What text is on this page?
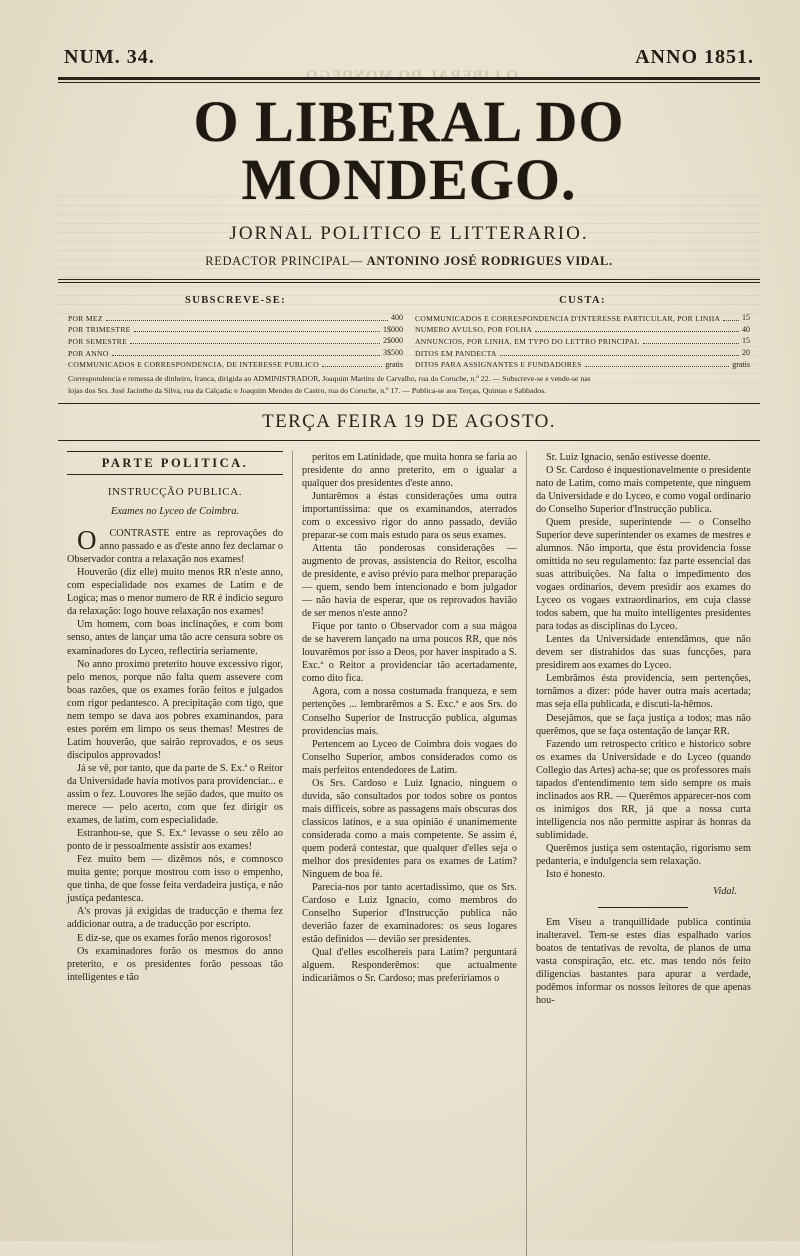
O LIBERAL DO MONDEGO.
NUM. 34.	ANNO 1851.
O LIBERAL DO MONDEGO.
JORNAL POLITICO E LITTERARIO.
REDACTOR PRINCIPAL— ANTONINO JOSÉ RODRIGUES VIDAL.
SUBSCREVE-SE:
POR MEZ	400
POR TRIMESTRE	1$000
POR SEMESTRE	2$000
POR ANNO	3$500
COMMUNICADOS E CORRESPONDENCIA, DE INTERESSE PUBLICO	gratis
CUSTA:
COMMUNICADOS E CORRESPONDENCIA D'INTERESSE PARTICULAR, POR LINHA	15
NUMERO AVULSO, POR FOLHA	40
ANNUNCIOS, POR LINHA, EM TYPO DO LETTRO PRINCIPAL	15
DITOS EM PANDECTA	20
DITOS PARA ASSIGNANTES E FUNDADORES	gratis
Correspondencia e remessa de dinheiro, franca, dirigida ao ADMINISTRADOR, Joaquim Martins de Carvalho, rua do Coruche, n.º 22. — Subscreve-se e vende-se nas
lojas dos Srs. José Jacintho da Silva, rua da Calçada; e Joaquim Mendes de Castro, rua do Coruche, n.º 17. — Publica-se aos Terças, Quintas e Sabbados.
TERÇA FEIRA 19 DE AGOSTO.
PARTE POLITICA.
INSTRUCÇÃO PUBLICA.
Exames no Lyceo de Coimbra.

OCONTRASTE entre as reprovações do anno passado e as d'este anno fez declamar o Observador contra a relaxação nos exames!

Houverão (diz elle) muito menos RR n'este anno, com especialidade nos exames de Latim e de Logica; mas o menor numero de RR é indicio seguro da relaxação: logo houve relaxação nos exames!

Um homem, com boas inclinações, e com bom senso, antes de lançar uma tão acre censura sobre os examinadores do Lyceo, reflectiria seriamente.

No anno proximo preterito houve excessivo rigor, pelo menos, porque não falta quem assevere com boas razões, que os exames forão feitos e julgados com rigor pedantesco. A precipitação com tigo, que nem tempo se dava aos pobres examinandos, para estes porém em limpo os seus themas! Mestres de Latim houverão, que sairão reprovados, e os seus discipulos approvados!

Já se vê, por tanto, que da parte de S. Ex.ª o Reitor da Universidade havia motivos para providenciar... e assim o fez. Louvores lhe sejão dados, que muito os merece — pelo acerto, com que fez dirigir os exames, de latim, com especialidade.

Estranhou-se, que S. Ex.ª levasse o seu zêlo ao ponto de ir pessoalmente assistir aos exames!

Fez muito bem — dizêmos nós, e comnosco muita gente; porque mostrou com isso o empenho, que tinha, de que fosse feita verdadeira justiça, e não justiça pedantesca.

A's provas já exigidas de traducção e thema fez addicionar outra, a de traducção por escripto.

E diz-se, que os exames forão menos rigorosos!

Os examinadores forão os mesmos do anno preterito, e os presidentes forão pessoas tão intelligentes e tão

peritos em Latinidade, que muita honra se faria ao presidente do anno preterito, em o igualar a qualquer dos presidentes d'este anno.

Juntarêmos a éstas considerações uma outra importantissima: que os examinandos, aterrados com o excessivo rigor do anno passado, devião preparar-se com mais estudo para os seus exames.

Attenta tão ponderosas considerações — augmento de provas, assistencia do Reitor, escolha de presidente, e aviso prévio para melhor preparação — quem, sendo bem intencionado e bom julgador — não havia de esperar, que os reprovados havião de ser menos n'este anno?

Fique por tanto o Observador com a sua mágoa de se haverem lançado na urna poucos RR, que nós louvarêmos por isso a Deos, por haver inspirado a S. Exc.ª o Reitor a providenciar tão acertadamente, como dito fica.

Agora, com a nossa costumada franqueza, e sem pertenções ... lembrarêmos a S. Exc.ª e aos Srs. do Conselho Superior de Instrucção publica, algumas providencias mais.

Pertencem ao Lyceo de Coimbra dois vogaes do Conselho Superior, ambos considerados como os mais perfeitos entendedores de Latim.

Os Srs. Cardoso e Luiz Ignacio, ninguem o duvida, são consultados por todos sobre os pontos mais difficeis, sobre as passagens mais obscuras dos classicos latinos, e a sua opinião é unanimemente considerada como a mais competente. Se assim é, quem poderá contestar, que qualquer d'elles seja o melhor dos presidentes para os exames de Latim? Ninguem de boa fé.

Parecia-nos por tanto acertadissimo, que os Srs. Cardoso e Luiz Ignacio, como membros do Conselho Superior d'Instrucção publica não deverião fazer de examinadores: os seus logares estão definidos — devião ser presidentes.

Qual d'elles escolhereis para Latim? perguntará alguem. Responderêmos: que actualmente indicariâmos o Sr. Cardoso; mas prefeririamos o

Sr. Luiz Ignacio, senão estivesse doente.

O Sr. Cardoso é inquestionavelmente o presidente nato de Latim, como mais competente, que ninguem da Universidade e do Lyceo, e como vogal ordinario do Conselho Superior d'Instrucção publica.

Quem preside, superintende — o Conselho Superior deve superintender os exames de mestres e alumnos. Não importa, que ésta providencia fosse omittida no seu regulamento: faz parte essencial das suas attribuições. Na falta o impedimento dos vogaes ordinarios, devem presidir aos exames do Lyceo os vogaes extraordinarios, em cuja classe todos sabem, que ha muito intelligentes presidentes para todas as disciplinas do Lyceo.

Lentes da Universidade entendâmos, que não devem ser distrahidos das suas funcções, para presidirem aos exames do Lyceo.

Lembrâmos ésta providencia, sem pertenções, tornâmos a dizer: póde haver outra mais acertada; mas seja ella publicada, e discuti-la-hêmos.

Desejâmos, que se faça justiça a todos; mas não querêmos, que se faça ostentação de lançar RR.

Fazendo um retrospecto critico e historico sobre os exames da Universidade e do Lyceo (quando Collegio das Artes) acha-se; que os professores mais tapados d'entendimento tem sido sempre os mais inclinados aos RR. — Querêmos apparecer-nos com os inimigos dos RR, já que a nossa curta intelligencia nos não permitte aspirar ás honras da sublimidade.

Querêmos justiça sem ostentação, rigorismo sem pedanteria, e indulgencia sem relaxação.

Isto é honesto.

Vidal.

Em Viseu a tranquillidade publica continúa inalteravel. Tem-se estes dias espalhado varios boatos de tentativas de revolta, de planos de uma vasta conspiração, etc. etc. mas tendo nós feito diligencias bastantes para apurar a verdade, podêmos informar os nossos leitores de que apenas hou-
